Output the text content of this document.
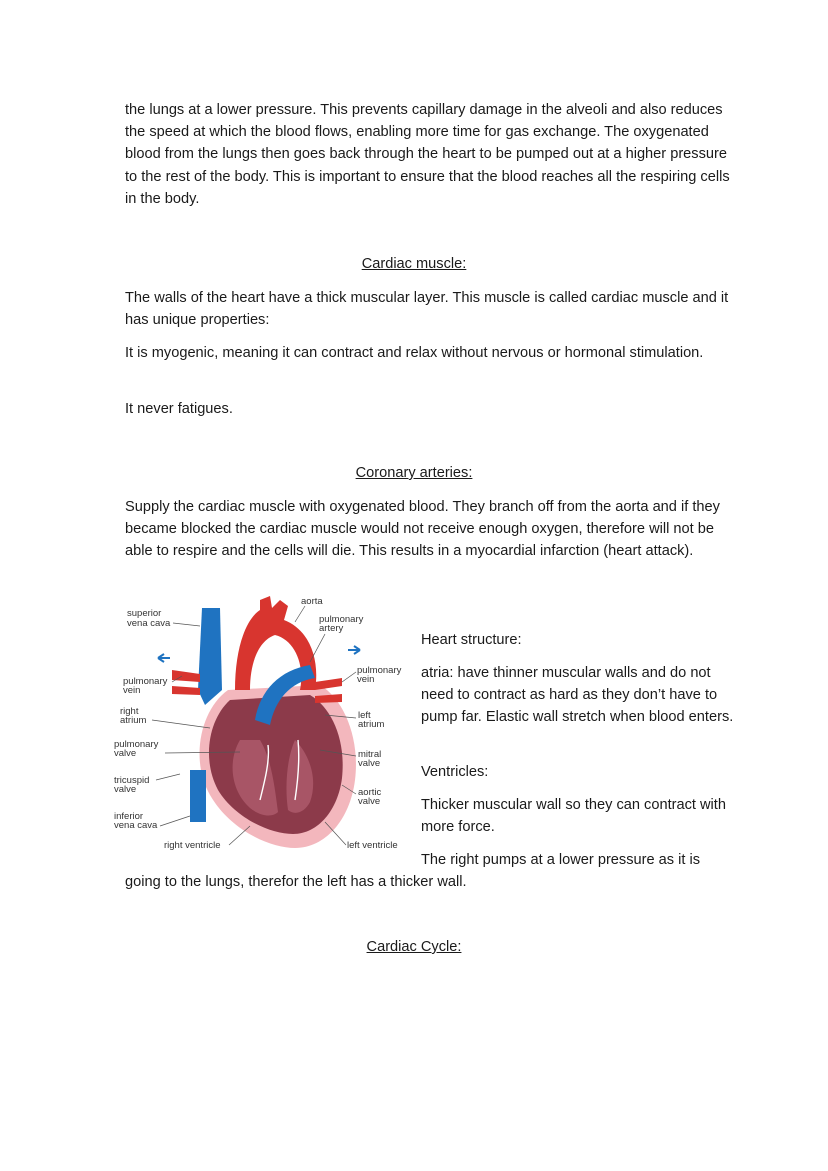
the lungs at a lower pressure. This prevents capillary damage in the alveoli and also reduces the speed at which the blood flows, enabling more time for gas exchange. The oxygenated blood from the lungs then goes back through the heart to be pumped out at a higher pressure to the rest of the body. This is important to ensure that the blood reaches all the respiring cells in the body.

Cardiac muscle:

The walls of the heart have a thick muscular layer. This muscle is called cardiac muscle and it has unique properties:

It is myogenic, meaning it can contract and relax without nervous or hormonal stimulation.

It never fatigues.

Coronary arteries:

Supply the cardiac muscle with oxygenated blood. They branch off from the aorta and if they became blocked the cardiac muscle would not receive enough oxygen, therefore will not be able to respire and the cells will die. This results in a myocardial infarction (heart attack).

aorta
superior
vena cava	pulmonary
artery
pulmonary
vein
pulmonary
vein
right
atrium	left
atrium
pulmonary
valve	mitral
valve
tricuspid
valve	aortic
valve
inferior
vena cava
right ventricle	left ventricle

Heart structure:

atria: have thinner muscular walls and do not need to contract as hard as they don’t have to pump far. Elastic wall stretch when blood enters.

Ventricles:

Thicker muscular wall so they can contract with more force.

The right pumps at a lower pressure as it is

going to the lungs, therefor the left has a thicker wall.

Cardiac Cycle:
